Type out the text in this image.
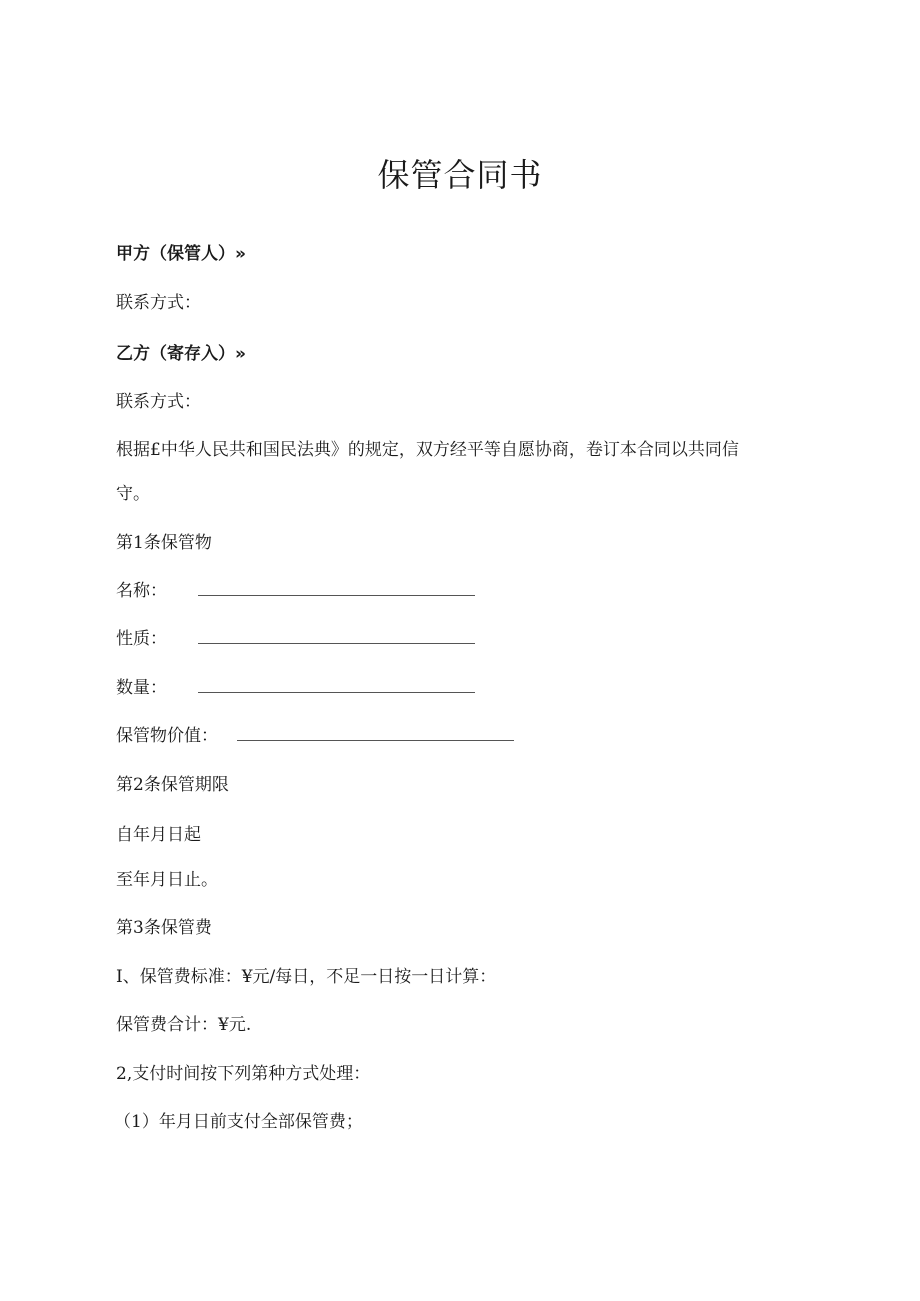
保管合同书
甲方（保管人）»
联系方式：
乙方（寄存入）»
联系方式：
根据£中华人民共和国民法典》的规定，双方经平等自愿协商，卷订本合同以共同信
守。
第1条保管物
名称：
性质：
数量：
保管物价值：
第2条保管期限
自年月日起
至年月日止。
第3条保管费
I、保管费标准：¥元/每日，不足一日按一日计算：
保管费合计：¥元.
2,支付时间按下列第种方式处理：
（1）年月日前支付全部保管费；
